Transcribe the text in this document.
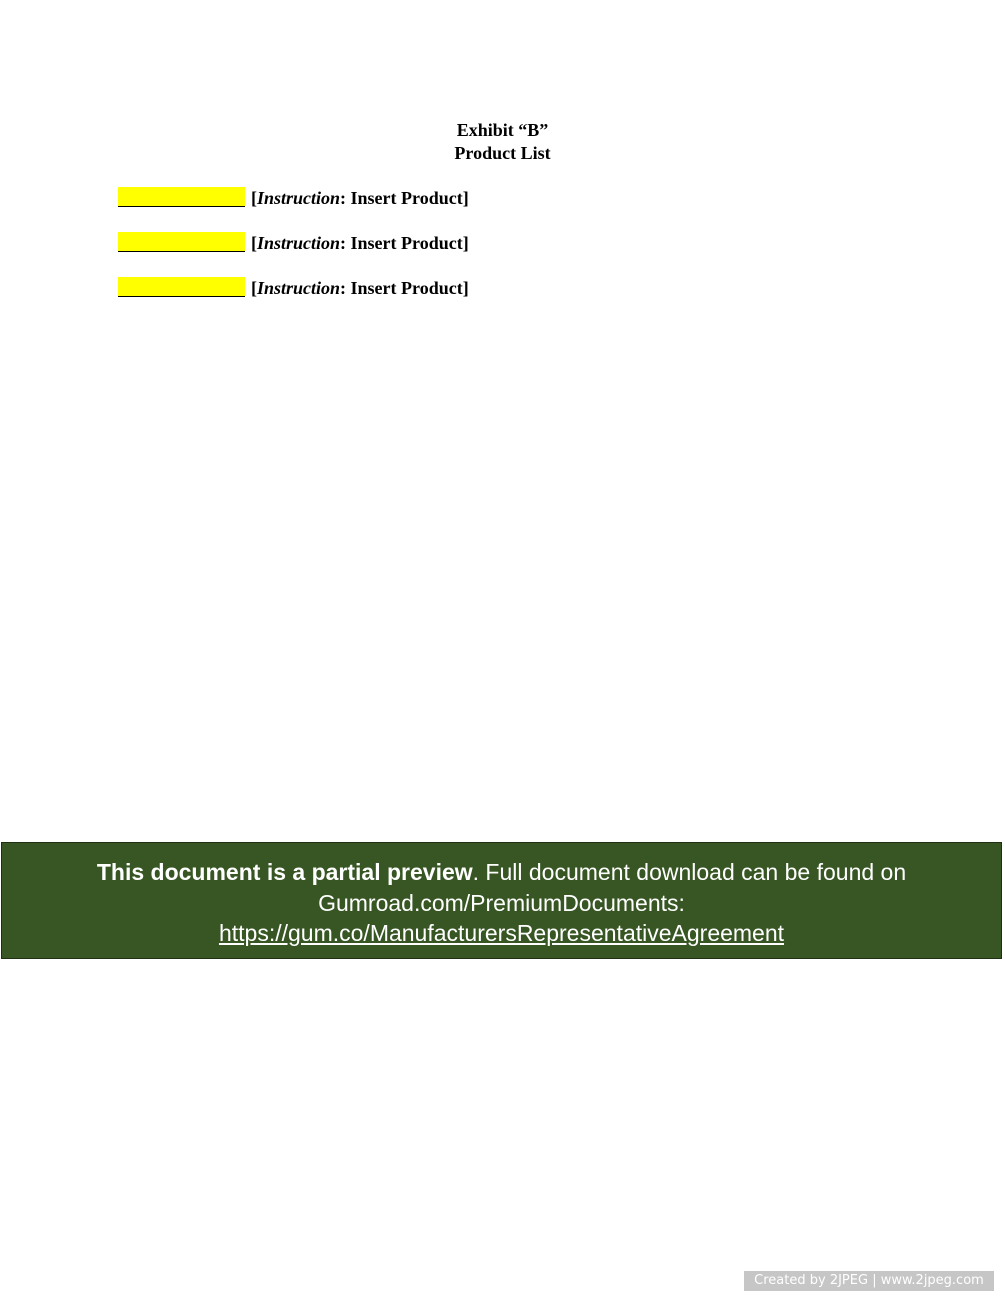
Exhibit “B”
Product List
[Instruction: Insert Product]
[Instruction: Insert Product]
[Instruction: Insert Product]
This document is a partial preview. Full document download can be found on
Gumroad.com/PremiumDocuments:
https://gum.co/ManufacturersRepresentativeAgreement
Created by 2JPEG | www.2jpeg.com
